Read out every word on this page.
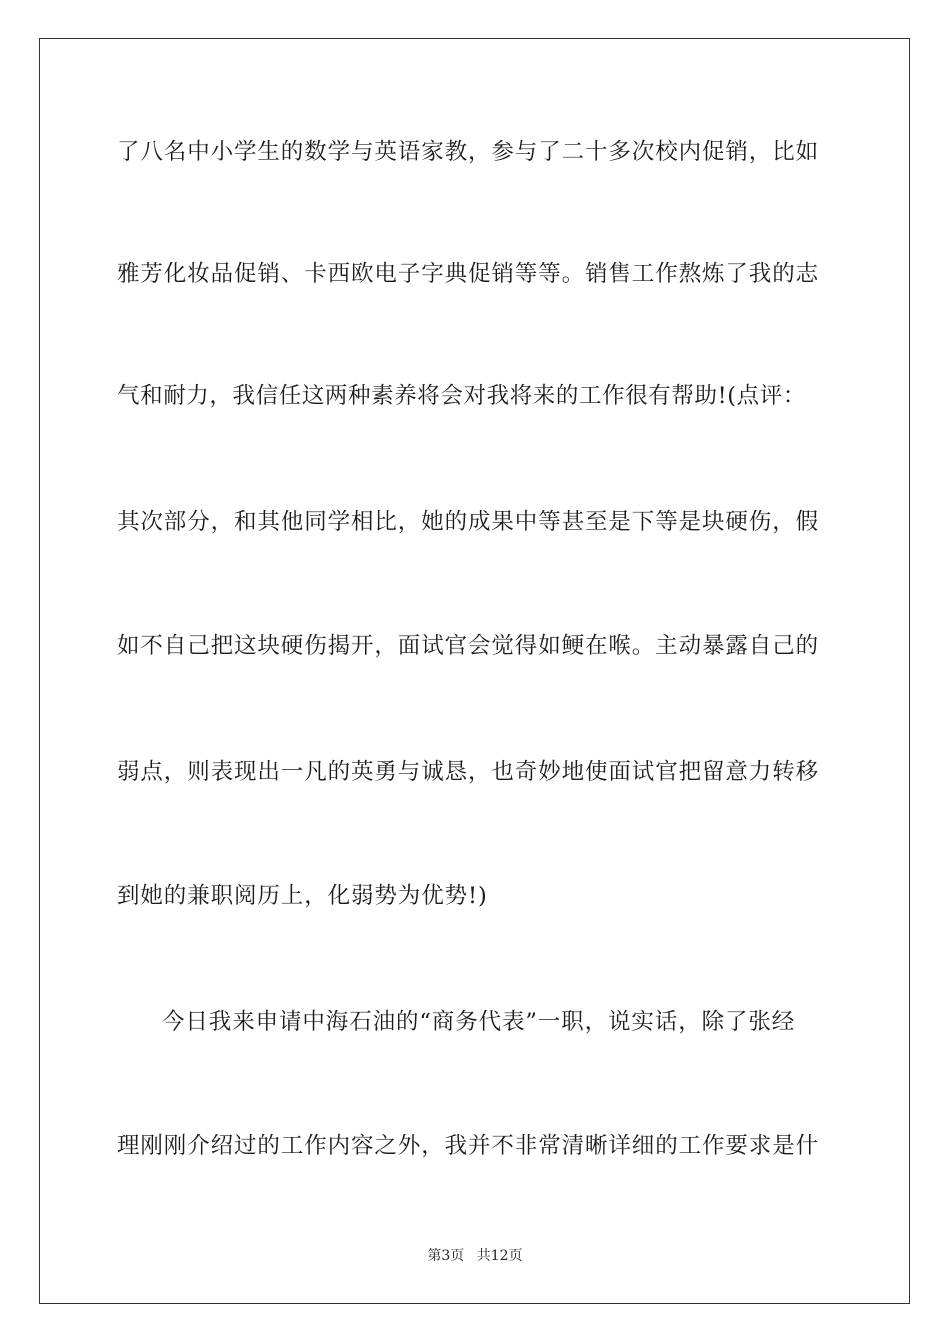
了八名中小学生的数学与英语家教，参与了二十多次校内促销，比如
雅芳化妆品促销、卡西欧电子字典促销等等。销售工作熬炼了我的志
气和耐力，我信任这两种素养将会对我将来的工作很有帮助!(点评：
其次部分，和其他同学相比，她的成果中等甚至是下等是块硬伤，假
如不自己把这块硬伤揭开，面试官会觉得如鲠在喉。主动暴露自己的
弱点，则表现出一凡的英勇与诚恳，也奇妙地使面试官把留意力转移
到她的兼职阅历上，化弱势为优势!)
今日我来申请中海石油的“商务代表”一职，说实话，除了张经
理刚刚介绍过的工作内容之外，我并不非常清晰详细的工作要求是什
第3页 共12页
